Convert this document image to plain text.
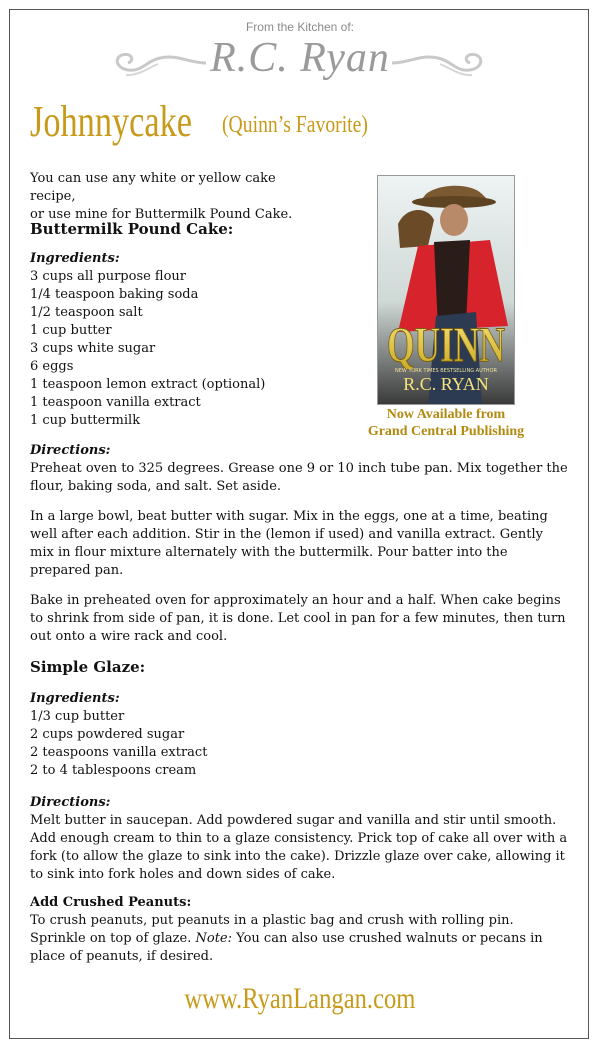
From the Kitchen of:
R.C. Ryan
Johnnycake (Quinn’s Favorite)
You can use any white or yellow cake recipe,
or use mine for Buttermilk Pound Cake.
Buttermilk Pound Cake:
Ingredients:
3 cups all purpose flour
1/4 teaspoon baking soda
1/2 teaspoon salt
1 cup butter
3 cups white sugar
6 eggs
1 teaspoon lemon extract (optional)
1 teaspoon vanilla extract
1 cup buttermilk
Directions:

Preheat oven to 325 degrees. Grease one 9 or 10 inch tube pan. Mix together the flour, baking soda, and salt. Set aside.

In a large bowl, beat butter with sugar. Mix in the eggs, one at a time, beating well after each addition. Stir in the (lemon if used) and vanilla extract. Gently mix in flour mixture alternately with the buttermilk. Pour batter into the prepared pan.

Bake in preheated oven for approximately an hour and a half. When cake begins to shrink from side of pan, it is done. Let cool in pan for a few minutes, then turn out onto a wire rack and cool.

Simple Glaze:
Ingredients:
1/3 cup butter
2 cups powdered sugar
2 teaspoons vanilla extract
2 to 4 tablespoons cream
Directions:

Melt butter in saucepan. Add powdered sugar and vanilla and stir until smooth. Add enough cream to thin to a glaze consistency. Prick top of cake all over with a fork (to allow the glaze to sink into the cake). Drizzle glaze over cake, allowing it to sink into fork holes and down sides of cake.

Add Crushed Peanuts:

To crush peanuts, put peanuts in a plastic bag and crush with rolling pin. Sprinkle on top of glaze. Note: You can also use crushed walnuts or pecans in place of peanuts, if desired.

QUINN
NEW YORK TIMES BESTSELLING AUTHOR
R.C. RYAN
Now Available from
Grand Central Publishing
www.RyanLangan.com
